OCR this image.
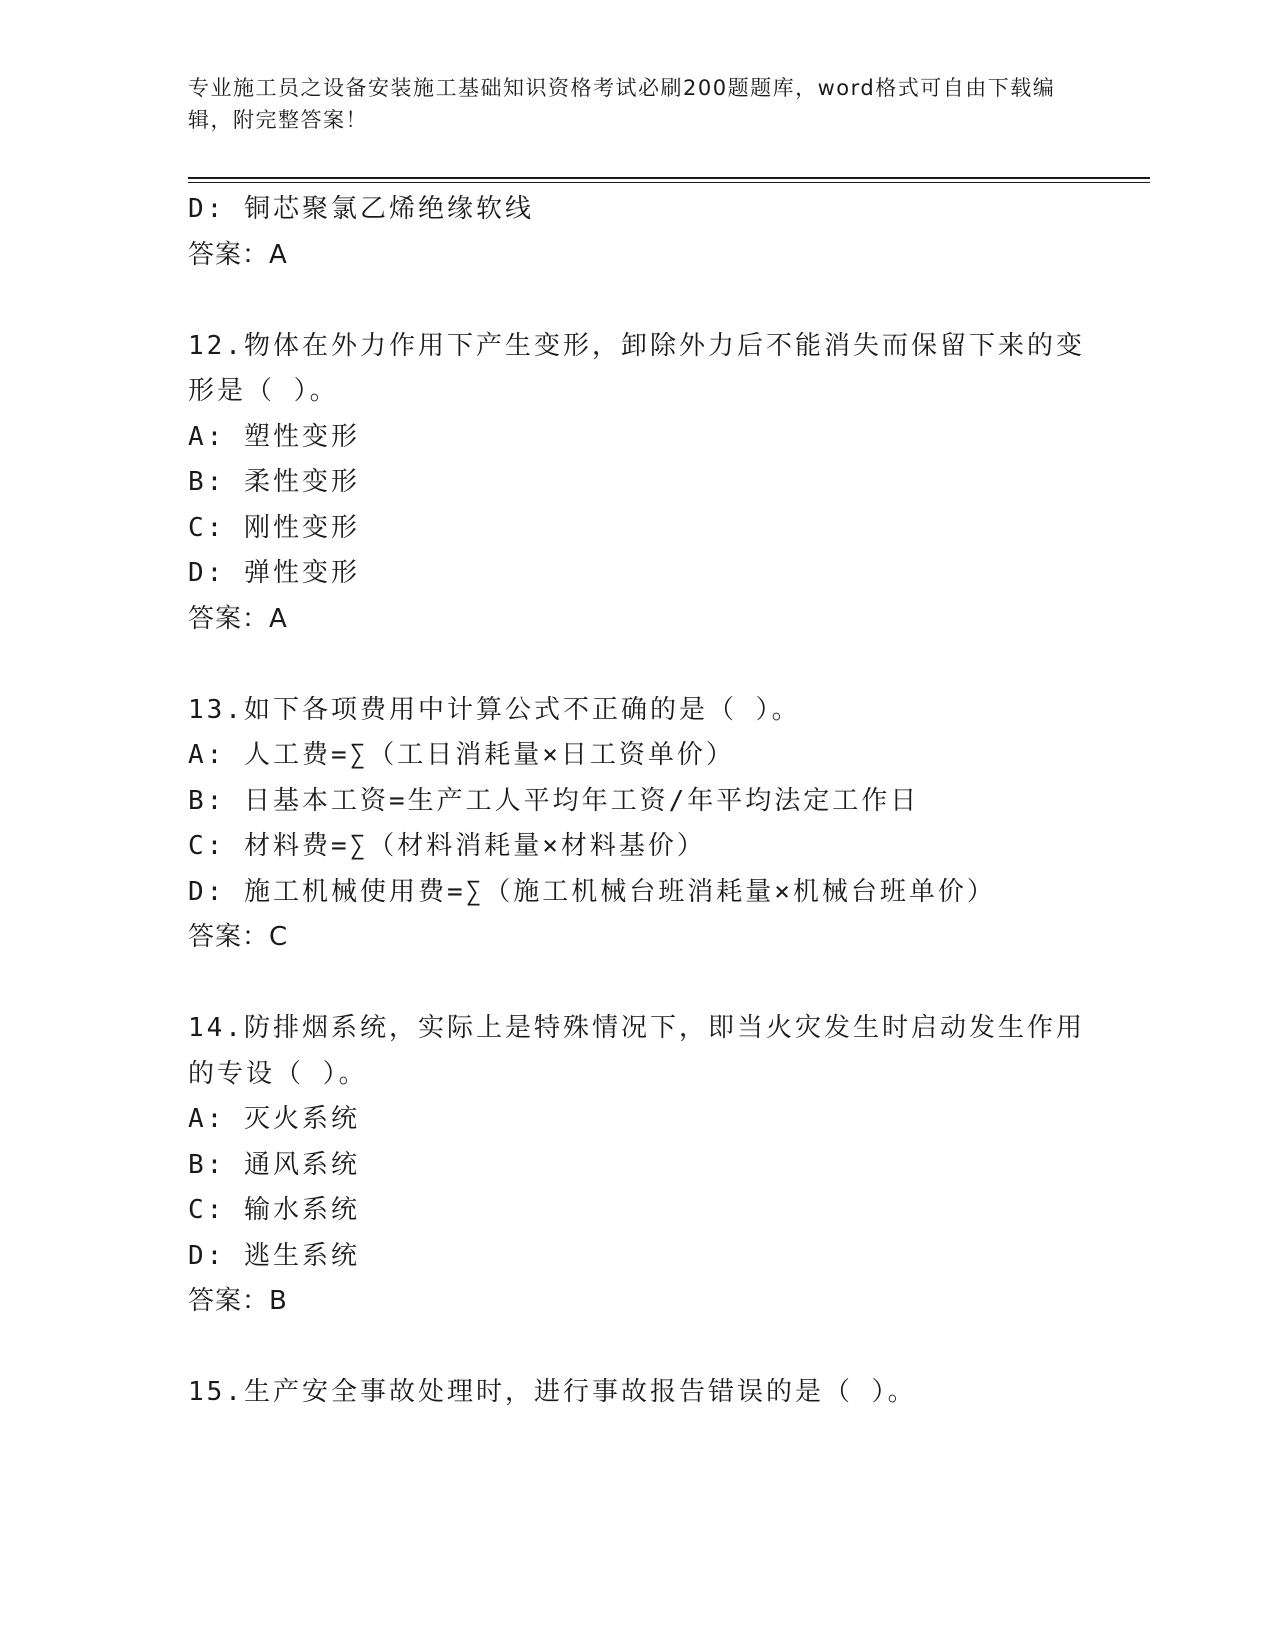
专业施工员之设备安装施工基础知识资格考试必刷200题题库，word格式可自由下载编辑，附完整答案！
D: 铜芯聚氯乙烯绝缘软线
答案：A
12.物体在外力作用下产生变形，卸除外力后不能消失而保留下来的变
形是（ ）。
A: 塑性变形
B: 柔性变形
C: 刚性变形
D: 弹性变形
答案：A
13.如下各项费用中计算公式不正确的是（ ）。
A: 人工费=∑（工日消耗量×日工资单价）
B: 日基本工资=生产工人平均年工资/年平均法定工作日
C: 材料费=∑（材料消耗量×材料基价）
D: 施工机械使用费=∑（施工机械台班消耗量×机械台班单价）
答案：C
14.防排烟系统，实际上是特殊情况下，即当火灾发生时启动发生作用
的专设（ ）。
A: 灭火系统
B: 通风系统
C: 输水系统
D: 逃生系统
答案：B
15.生产安全事故处理时，进行事故报告错误的是（ ）。
